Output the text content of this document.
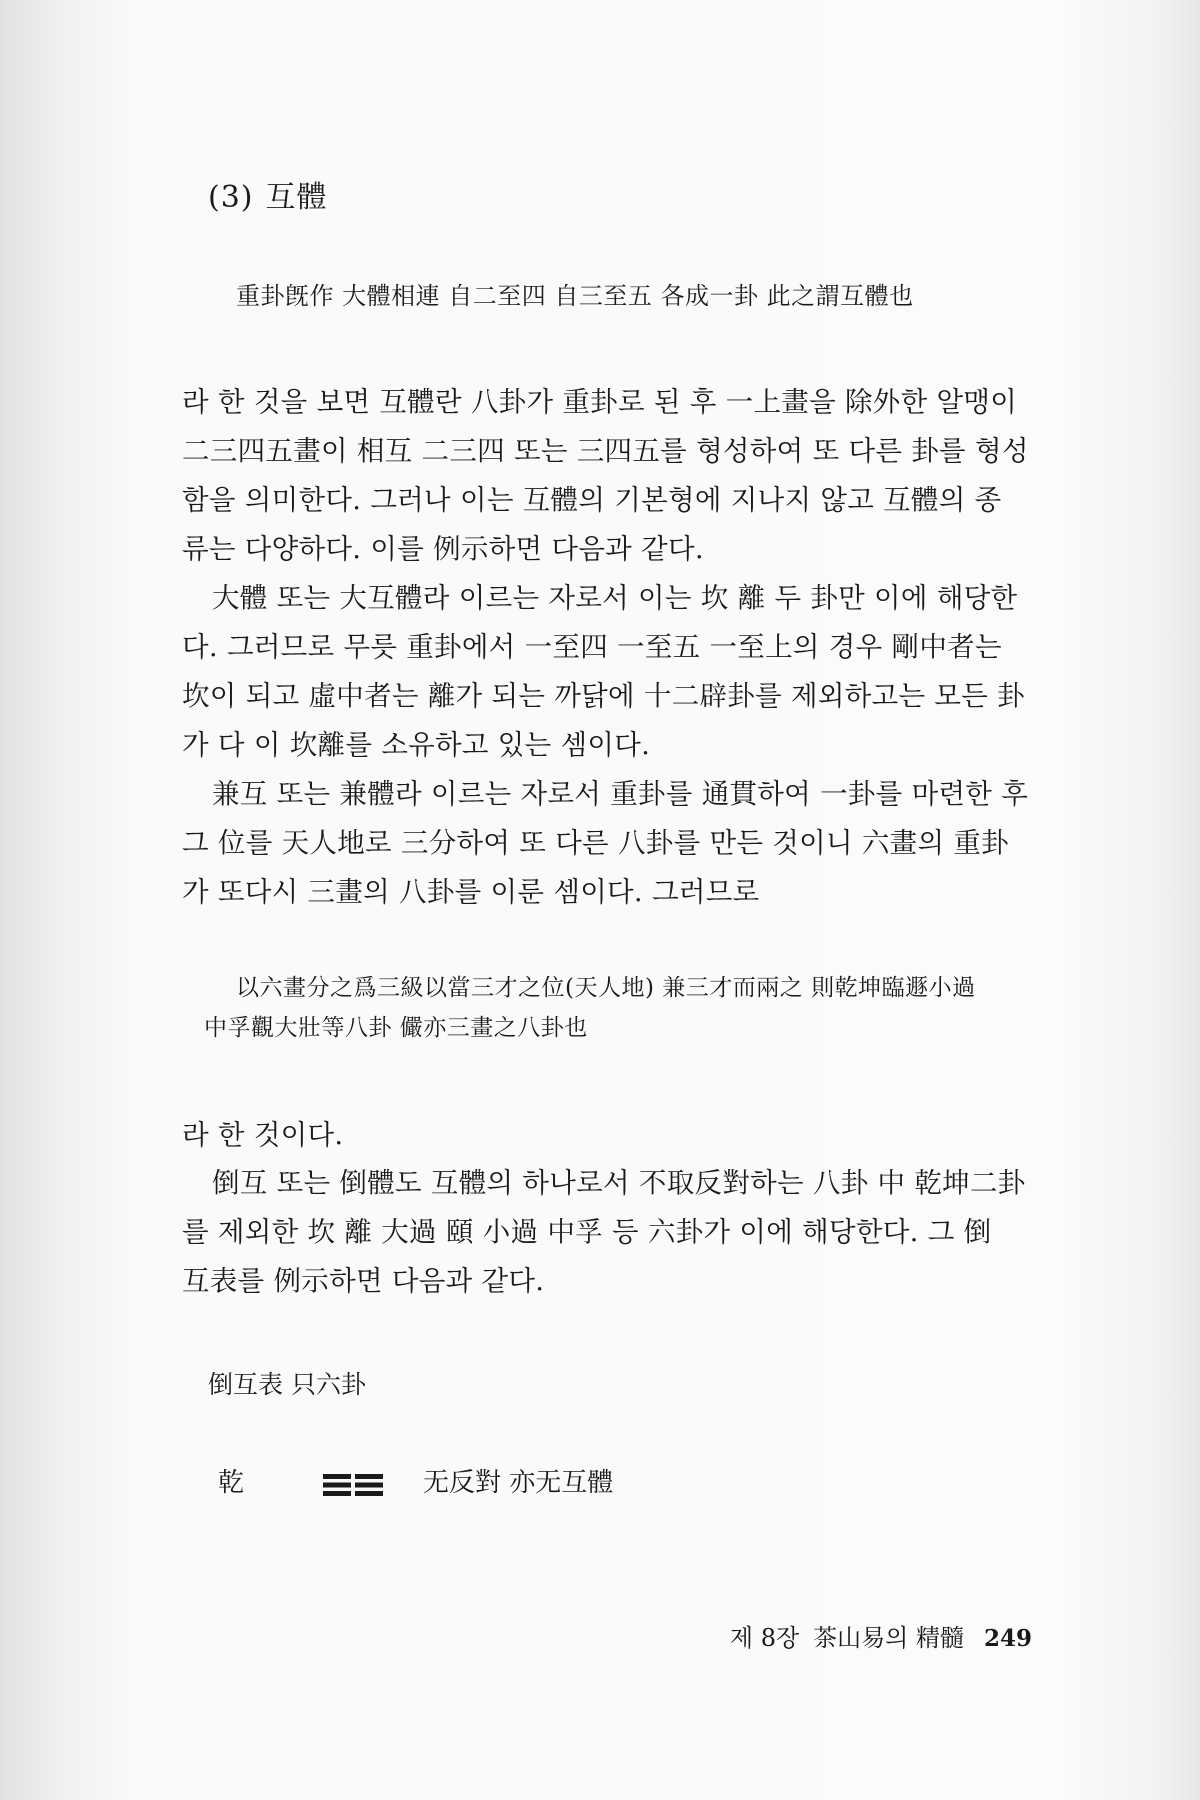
(3) 互體
重卦旣作 大體相連 自二至四 自三至五 各成一卦 此之謂互體也

라 한 것을 보면 互體란 八卦가 重卦로 된 후 一上畫을 除外한 알맹이
二三四五畫이 相互 二三四 또는 三四五를 형성하여 또 다른 卦를 형성
함을 의미한다. 그러나 이는 互體의 기본형에 지나지 않고 互體의 종
류는 다양하다. 이를 例示하면 다음과 같다.

大體 또는 大互體라 이르는 자로서 이는 坎 離 두 卦만 이에 해당한
다. 그러므로 무릇 重卦에서 一至四 一至五 一至上의 경우 剛中者는
坎이 되고 虛中者는 離가 되는 까닭에 十二辟卦를 제외하고는 모든 卦
가 다 이 坎離를 소유하고 있는 셈이다.

兼互 또는 兼體라 이르는 자로서 重卦를 通貫하여 一卦를 마련한 후
그 位를 天人地로 三分하여 또 다른 八卦를 만든 것이니 六畫의 重卦
가 또다시 三畫의 八卦를 이룬 셈이다. 그러므로

以六畫分之爲三級以當三才之位(天人地) 兼三才而兩之 則乾坤臨遯小過
中孚觀大壯等八卦 儼亦三畫之八卦也
라 한 것이다.

倒互 또는 倒體도 互體의 하나로서 不取反對하는 八卦 中 乾坤二卦
를 제외한 坎 離 大過 頤 小過 中孚 등 六卦가 이에 해당한다. 그 倒
互表를 例示하면 다음과 같다.

倒互表 只六卦
乾	无反對 亦无互體
제 8장 茶山易의 精髓 249
